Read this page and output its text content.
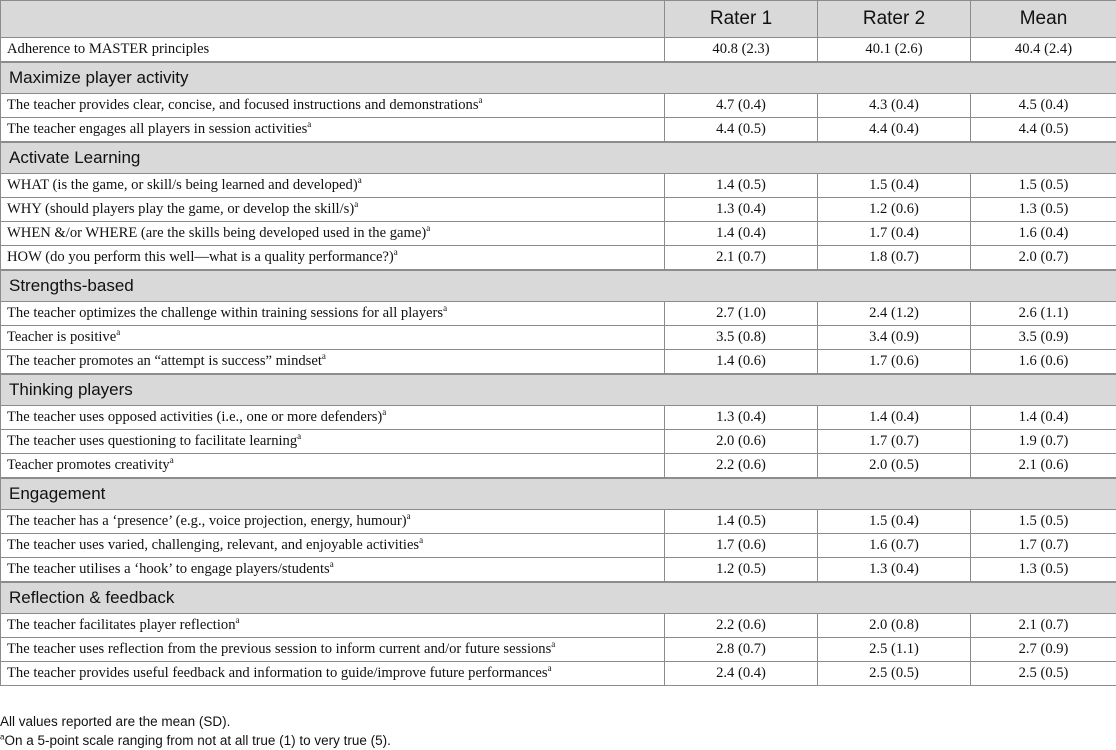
	Rater 1	Rater 2	Mean
Adherence to MASTER principles	40.8 (2.3)	40.1 (2.6)	40.4 (2.4)
Maximize player activity			
The teacher provides clear, concise, and focused instructions and demonstrations$^a$	4.7 (0.4)	4.3 (0.4)	4.5 (0.4)
The teacher engages all players in session activities$^a$	4.4 (0.5)	4.4 (0.4)	4.4 (0.5)
Activate Learning			
WHAT (is the game, or skill/s being learned and developed)$^a$	1.4 (0.5)	1.5 (0.4)	1.5 (0.5)
WHY (should players play the game, or develop the skill/s)$^a$	1.3 (0.4)	1.2 (0.6)	1.3 (0.5)
WHEN &/or WHERE (are the skills being developed used in the game)$^a$	1.4 (0.4)	1.7 (0.4)	1.6 (0.4)
HOW (do you perform this well—what is a quality performance?)$^a$	2.1 (0.7)	1.8 (0.7)	2.0 (0.7)
Strengths-based			
The teacher optimizes the challenge within training sessions for all players$^a$	2.7 (1.0)	2.4 (1.2)	2.6 (1.1)
Teacher is positive$^a$	3.5 (0.8)	3.4 (0.9)	3.5 (0.9)
The teacher promotes an “attempt is success” mindset$^a$	1.4 (0.6)	1.7 (0.6)	1.6 (0.6)
Thinking players			
The teacher uses opposed activities (i.e., one or more defenders)$^a$	1.3 (0.4)	1.4 (0.4)	1.4 (0.4)
The teacher uses questioning to facilitate learning$^a$	2.0 (0.6)	1.7 (0.7)	1.9 (0.7)
Teacher promotes creativity$^a$	2.2 (0.6)	2.0 (0.5)	2.1 (0.6)
Engagement			
The teacher has a ‘presence’ (e.g., voice projection, energy, humour)$^a$	1.4 (0.5)	1.5 (0.4)	1.5 (0.5)
The teacher uses varied, challenging, relevant, and enjoyable activities$^a$	1.7 (0.6)	1.6 (0.7)	1.7 (0.7)
The teacher utilises a ‘hook’ to engage players/students$^a$	1.2 (0.5)	1.3 (0.4)	1.3 (0.5)
Reflection & feedback			
The teacher facilitates player reflection$^a$	2.2 (0.6)	2.0 (0.8)	2.1 (0.7)
The teacher uses reflection from the previous session to inform current and/or future sessions$^a$	2.8 (0.7)	2.5 (1.1)	2.7 (0.9)
The teacher provides useful feedback and information to guide/improve future performances$^a$	2.4 (0.4)	2.5 (0.5)	2.5 (0.5)
All values reported are the mean (SD).
$^a$On a 5-point scale ranging from not at all true (1) to very true (5).
